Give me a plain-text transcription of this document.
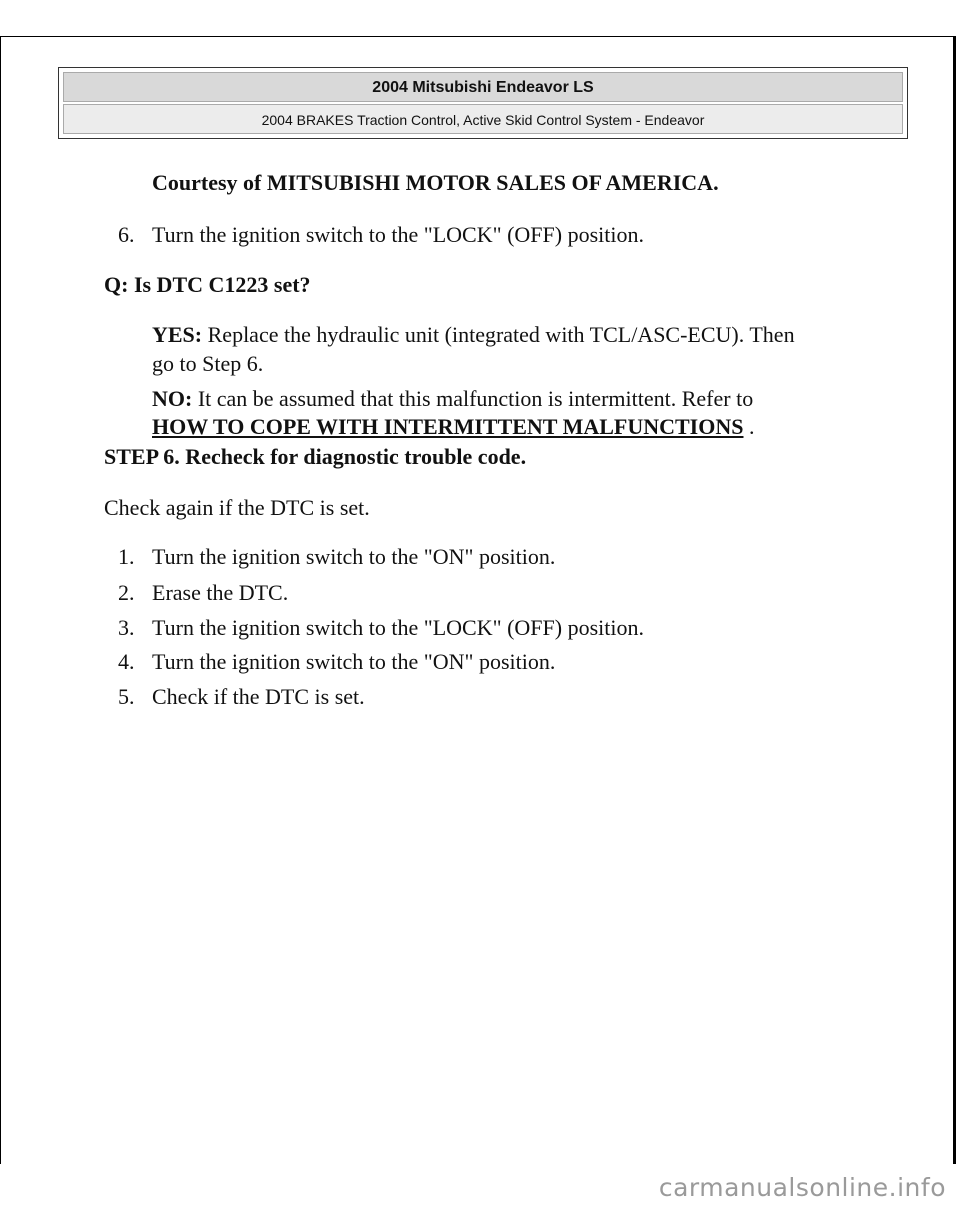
2004 Mitsubishi Endeavor LS
2004 BRAKES Traction Control, Active Skid Control System - Endeavor
Courtesy of MITSUBISHI MOTOR SALES OF AMERICA.
6. Turn the ignition switch to the "LOCK" (OFF) position.
Q: Is DTC C1223 set?
YES: Replace the hydraulic unit (integrated with TCL/ASC-ECU). Then
go to Step 6.
NO: It can be assumed that this malfunction is intermittent. Refer to
HOW TO COPE WITH INTERMITTENT MALFUNCTIONS .
STEP 6. Recheck for diagnostic trouble code.
Check again if the DTC is set.
1. Turn the ignition switch to the "ON" position.
2. Erase the DTC.
3. Turn the ignition switch to the "LOCK" (OFF) position.
4. Turn the ignition switch to the "ON" position.
5. Check if the DTC is set.
carmanualsonline.info
